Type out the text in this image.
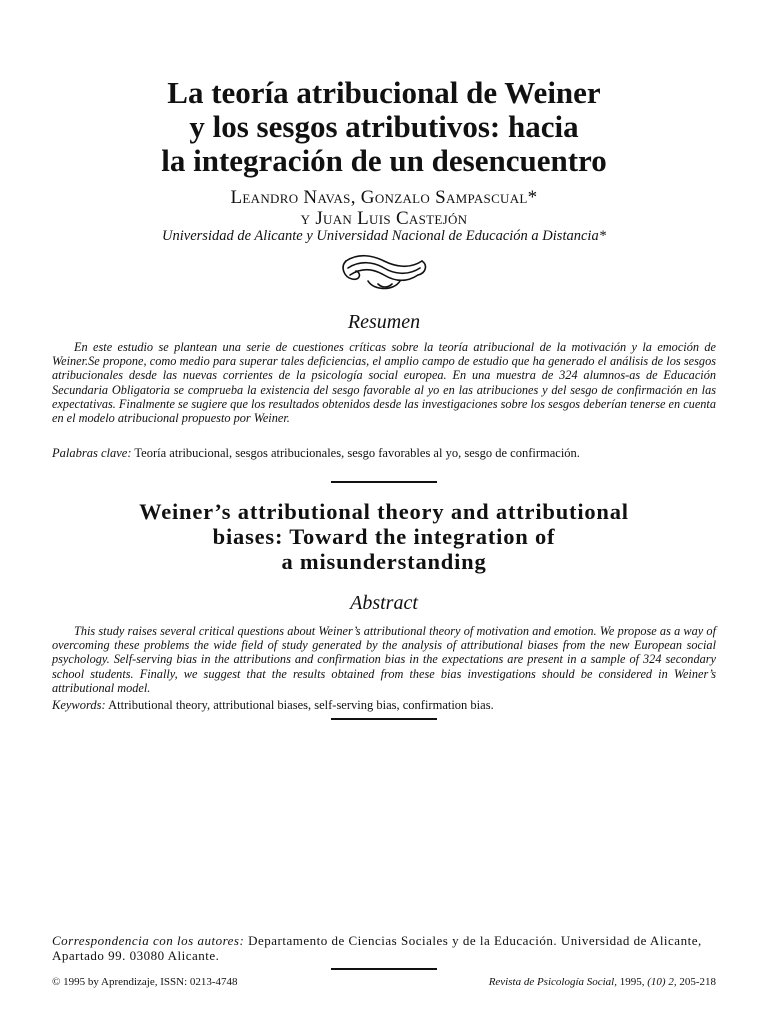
La teoría atribucional de Weiner
y los sesgos atributivos: hacia
la integración de un desencuentro
Leandro Navas, Gonzalo Sampascual*
y Juan Luis Castejón
Universidad de Alicante y Universidad Nacional de Educación a Distancia*
Resumen
En este estudio se plantean una serie de cuestiones críticas sobre la teoría atribucional de la motivación y la emoción de Weiner.Se propone, como medio para superar tales deficiencias, el amplio campo de estudio que ha generado el análisis de los sesgos atribucionales desde las nuevas corrientes de la psicología social europea. En una muestra de 324 alumnos-as de Educación Secundaria Obligatoria se comprueba la existencia del sesgo favorable al yo en las atribuciones y del sesgo de confirmación en las expectativas. Finalmente se sugiere que los resultados obtenidos desde las investigaciones sobre los sesgos deberían tenerse en cuenta en el modelo atribucional propuesto por Weiner.
Palabras clave: Teoría atribucional, sesgos atribucionales, sesgo favorables al yo, sesgo de confirmación.
Weiner’s attributional theory and attributional
biases: Toward the integration of
a misunderstanding
Abstract
This study raises several critical questions about Weiner’s attributional theory of motivation and emotion. We propose as a way of overcoming these problems the wide field of study generated by the analysis of attributional biases from the new European social psychology. Self-serving bias in the attributions and confirmation bias in the expectations are present in a sample of 324 secondary school students. Finally, we suggest that the results obtained from these bias investigations should be considered in Weiner’s attributional model.
Keywords: Attributional theory, attributional biases, self-serving bias, confirmation bias.
Correspondencia con los autores: Departamento de Ciencias Sociales y de la Educación. Universidad de Alicante, Apartado 99. 03080 Alicante.
© 1995 by Aprendizaje, ISSN: 0213-4748	Revista de Psicología Social, 1995, (10) 2, 205-218
